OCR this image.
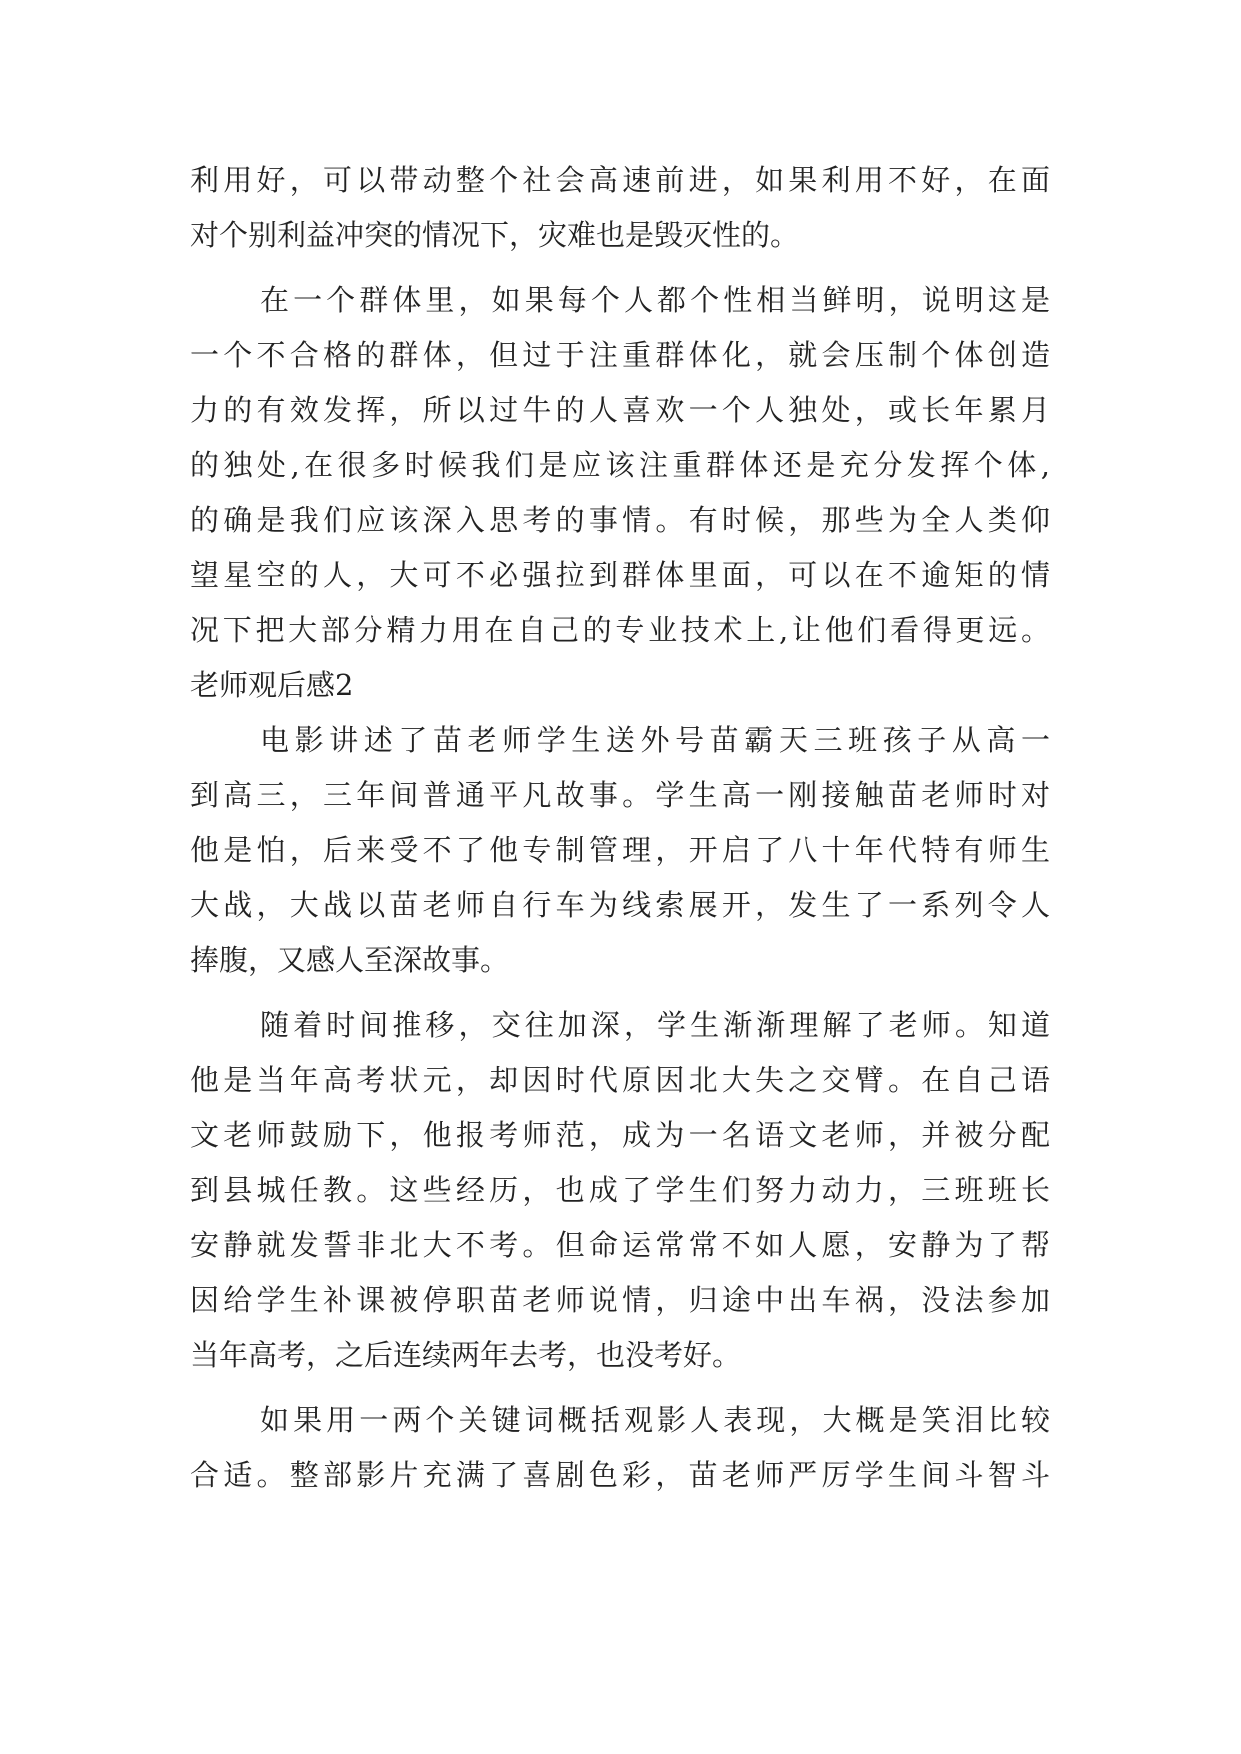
利用好，可以带动整个社会高速前进，如果利用不好，在面
对个别利益冲突的情况下，灾难也是毁灭性的。
在一个群体里，如果每个人都个性相当鲜明，说明这是
一个不合格的群体，但过于注重群体化，就会压制个体创造
力的有效发挥，所以过牛的人喜欢一个人独处，或长年累月
的独处,在很多时候我们是应该注重群体还是充分发挥个体,
的确是我们应该深入思考的事情。有时候，那些为全人类仰
望星空的人，大可不必强拉到群体里面，可以在不逾矩的情
况下把大部分精力用在自己的专业技术上,让他们看得更远。
老师观后感2
电影讲述了苗老师学生送外号苗霸天三班孩子从高一
到高三，三年间普通平凡故事。学生高一刚接触苗老师时对
他是怕，后来受不了他专制管理，开启了八十年代特有师生
大战，大战以苗老师自行车为线索展开，发生了一系列令人
捧腹，又感人至深故事。
随着时间推移，交往加深，学生渐渐理解了老师。知道
他是当年高考状元，却因时代原因北大失之交臂。在自己语
文老师鼓励下，他报考师范，成为一名语文老师，并被分配
到县城任教。这些经历，也成了学生们努力动力，三班班长
安静就发誓非北大不考。但命运常常不如人愿，安静为了帮
因给学生补课被停职苗老师说情，归途中出车祸，没法参加
当年高考，之后连续两年去考，也没考好。
如果用一两个关键词概括观影人表现，大概是笑泪比较
合适。整部影片充满了喜剧色彩，苗老师严厉学生间斗智斗
